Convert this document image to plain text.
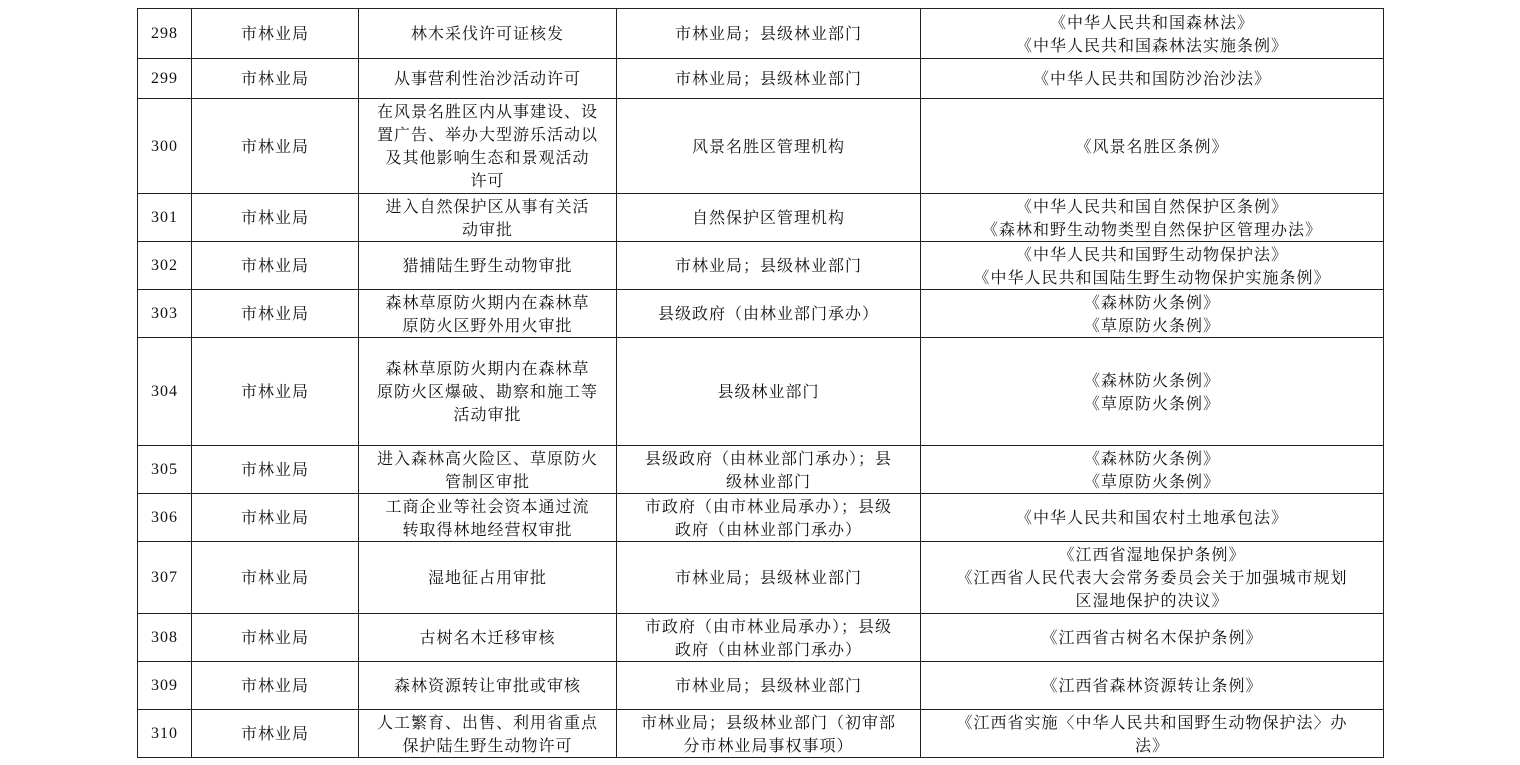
298	市林业局	林木采伐许可证核发	市林业局；县级林业部门	《中华人民共和国森林法》
《中华人民共和国森林法实施条例》

299	市林业局	从事营利性治沙活动许可	市林业局；县级林业部门	《中华人民共和国防沙治沙法》

300	市林业局	在风景名胜区内从事建设、设
置广告、举办大型游乐活动以
及其他影响生态和景观活动
许可	风景名胜区管理机构	《风景名胜区条例》

301	市林业局	进入自然保护区从事有关活
动审批	自然保护区管理机构	《中华人民共和国自然保护区条例》
《森林和野生动物类型自然保护区管理办法》

302	市林业局	猎捕陆生野生动物审批	市林业局；县级林业部门	《中华人民共和国野生动物保护法》
《中华人民共和国陆生野生动物保护实施条例》

303	市林业局	森林草原防火期内在森林草
原防火区野外用火审批	县级政府（由林业部门承办）	《森林防火条例》
《草原防火条例》

304	市林业局	森林草原防火期内在森林草
原防火区爆破、勘察和施工等
活动审批	县级林业部门	《森林防火条例》
《草原防火条例》

305	市林业局	进入森林高火险区、草原防火
管制区审批	县级政府（由林业部门承办）；县
级林业部门	《森林防火条例》
《草原防火条例》

306	市林业局	工商企业等社会资本通过流
转取得林地经营权审批	市政府（由市林业局承办）；县级
政府（由林业部门承办）	《中华人民共和国农村土地承包法》

307	市林业局	湿地征占用审批	市林业局；县级林业部门	《江西省湿地保护条例》
《江西省人民代表大会常务委员会关于加强城市规划
区湿地保护的决议》

308	市林业局	古树名木迁移审核	市政府（由市林业局承办）；县级
政府（由林业部门承办）	《江西省古树名木保护条例》

309	市林业局	森林资源转让审批或审核	市林业局；县级林业部门	《江西省森林资源转让条例》

310	市林业局	人工繁育、出售、利用省重点
保护陆生野生动物许可	市林业局；县级林业部门（初审部
分市林业局事权事项）	《江西省实施〈中华人民共和国野生动物保护法〉办
法》
